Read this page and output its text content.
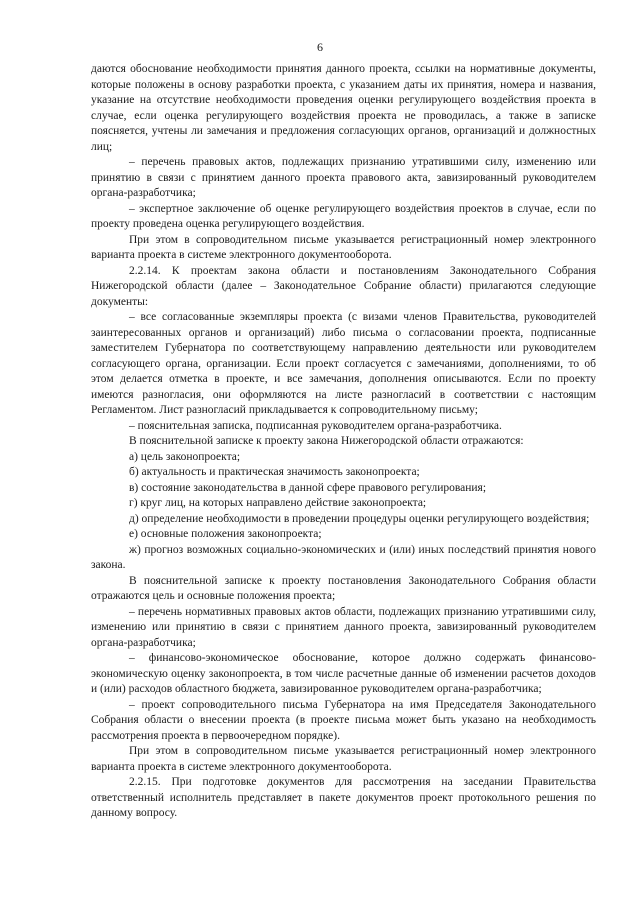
6

даются обоснование необходимости принятия данного проекта, ссылки на нормативные документы, которые положены в основу разработки проекта, с указанием даты их принятия, номера и названия, указание на отсутствие необходимости проведения оценки регулирующего воздействия проекта в случае, если оценка регулирующего воздействия проекта не проводилась, а также в записке поясняется, учтены ли замечания и предложения согласующих органов, организаций и должностных лиц;

– перечень правовых актов, подлежащих признанию утратившими силу, изменению или принятию в связи с принятием данного проекта правового акта, завизированный руководителем органа-разработчика;

– экспертное заключение об оценке регулирующего воздействия проектов в случае, если по проекту проведена оценка регулирующего воздействия.

При этом в сопроводительном письме указывается регистрационный номер электронного варианта проекта в системе электронного документооборота.

2.2.14. К проектам закона области и постановлениям Законодательного Собрания Нижегородской области (далее – Законодательное Собрание области) прилагаются следующие документы:

– все согласованные экземпляры проекта (с визами членов Правительства, руководителей заинтересованных органов и организаций) либо письма о согласовании проекта, подписанные заместителем Губернатора по соответствующему направлению деятельности или руководителем согласующего органа, организации. Если проект согласуется с замечаниями, дополнениями, то об этом делается отметка в проекте, и все замечания, дополнения описываются. Если по проекту имеются разногласия, они оформляются на листе разногласий в соответствии с настоящим Регламентом. Лист разногласий прикладывается к сопроводительному письму;

– пояснительная записка, подписанная руководителем органа-разработчика.

В пояснительной записке к проекту закона Нижегородской области отражаются:

а) цель законопроекта;

б) актуальность и практическая значимость законопроекта;

в) состояние законодательства в данной сфере правового регулирования;

г) круг лиц, на которых направлено действие законопроекта;

д) определение необходимости в проведении процедуры оценки регулирующего воздействия;

е) основные положения законопроекта;

ж) прогноз возможных социально-экономических и (или) иных последствий принятия нового закона.

В пояснительной записке к проекту постановления Законодательного Собрания области отражаются цель и основные положения проекта;

– перечень нормативных правовых актов области, подлежащих признанию утратившими силу, изменению или принятию в связи с принятием данного проекта, завизированный руководителем органа-разработчика;

– финансово-экономическое обоснование, которое должно содержать финансово-экономическую оценку законопроекта, в том числе расчетные данные об изменении расчетов доходов и (или) расходов областного бюджета, завизированное руководителем органа-разработчика;

– проект сопроводительного письма Губернатора на имя Председателя Законодательного Собрания области о внесении проекта (в проекте письма может быть указано на необходимость рассмотрения проекта в первоочередном порядке).

При этом в сопроводительном письме указывается регистрационный номер электронного варианта проекта в системе электронного документооборота.

2.2.15. При подготовке документов для рассмотрения на заседании Правительства ответственный исполнитель представляет в пакете документов проект протокольного решения по данному вопросу.
